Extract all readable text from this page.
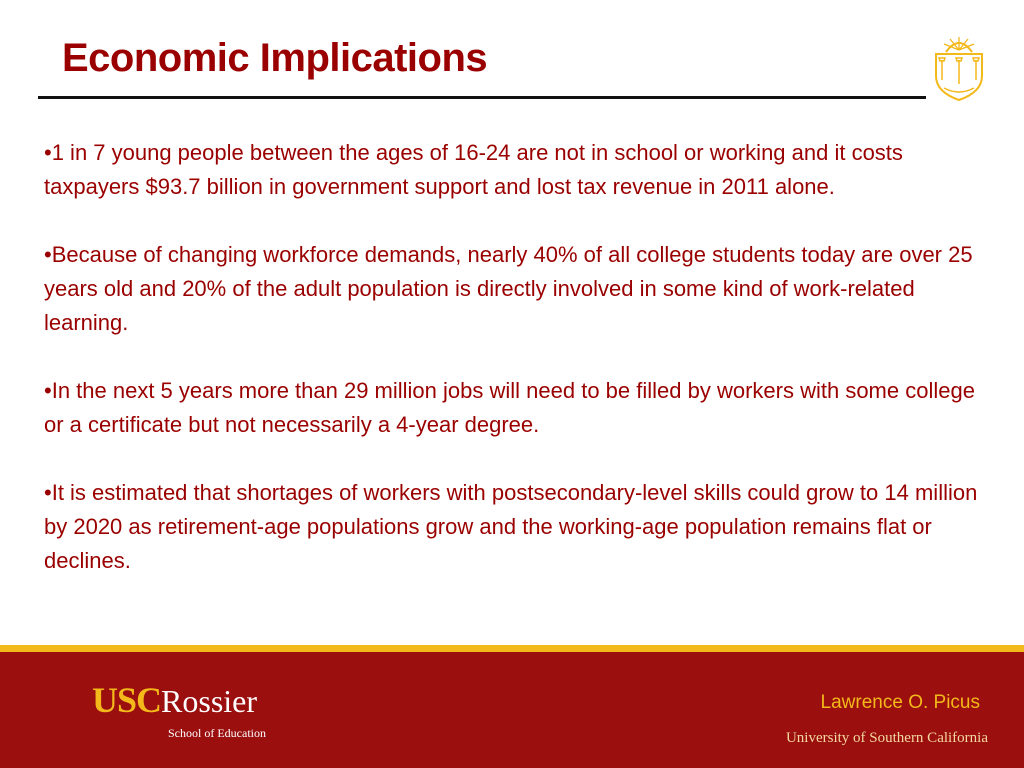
Economic Implications
•1 in 7 young people between the ages of 16-24 are not in school or working and it costs taxpayers $93.7 billion in government support and lost tax revenue in 2011 alone.
•Because of changing workforce demands, nearly 40% of all college students today are over 25 years old and 20% of the adult population is directly involved in some kind of work-related learning.
•In the next 5 years more than 29 million jobs will need to be filled by workers with some college or a certificate but not necessarily a 4-year degree.
•It is estimated that shortages of workers with postsecondary-level skills could grow to 14 million by 2020 as retirement-age populations grow and the working-age population remains flat or declines.
USCRossier
School of Education
Lawrence O. Picus
University of Southern California
